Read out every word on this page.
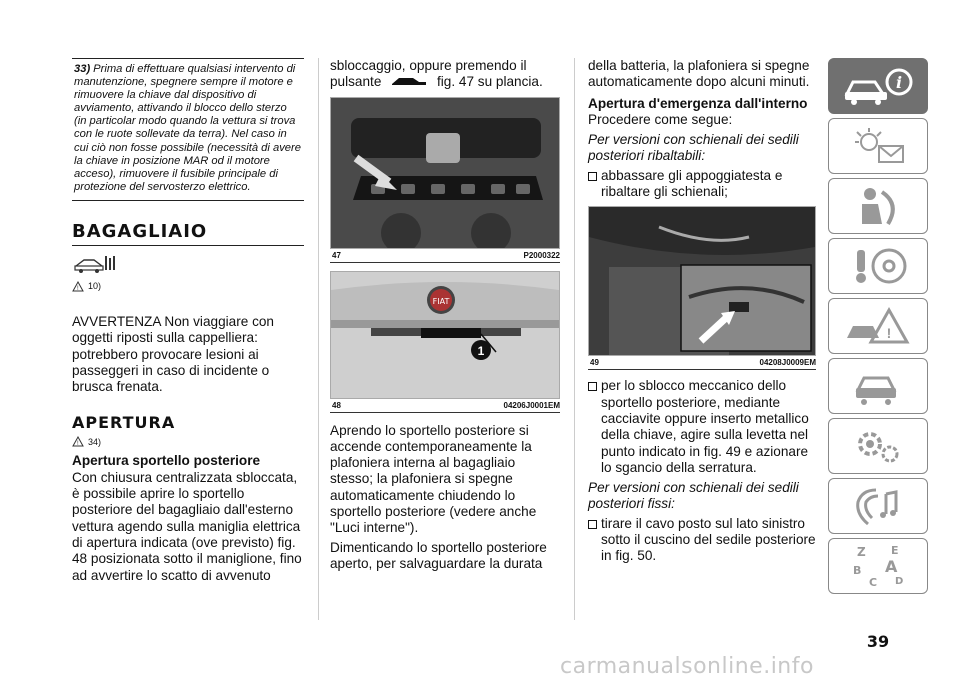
33) Prima di effettuare qualsiasi intervento di manutenzione, spegnere sempre il motore e rimuovere la chiave dal dispositivo di avviamento, attivando il blocco dello sterzo (in particolar modo quando la vettura si trova con le ruote sollevate da terra). Nel caso in cui ciò non fosse possibile (necessità di avere la chiave in posizione MAR od il motore acceso), rimuovere il fusibile principale di protezione del servosterzo elettrico.
BAGAGLIAIO
! 10)

AVVERTENZA Non viaggiare con oggetti riposti sulla cappelliera: potrebbero provocare lesioni ai passeggeri in caso di incidente o brusca frenata.

APERTURA
! 34)
Apertura sportello posteriore

Con chiusura centralizzata sbloccata, è possibile aprire lo sportello posteriore del bagagliaio dall'esterno vettura agendo sulla maniglia elettrica di apertura indicata (ove previsto) fig. 48 posizionata sotto il maniglione, fino ad avvertire lo scatto di avvenuto

sbloccaggio, oppure premendo il

pulsante	fig. 47 su plancia.

47	P2000322
FIAT
1
48	04206J0001EM

Aprendo lo sportello posteriore si accende contemporaneamente la plafoniera interna al bagagliaio stesso; la plafoniera si spegne automaticamente chiudendo lo sportello posteriore (vedere anche "Luci interne").

Dimenticando lo sportello posteriore aperto, per salvaguardare la durata

della batteria, la plafoniera si spegne automaticamente dopo alcuni minuti.

Apertura d'emergenza dall'interno

Procedere come segue:

Per versioni con schienali dei sedili posteriori ribaltabili:
abbassare gli appoggiatesta e ribaltare gli schienali;
49	04208J0009EM
per lo sblocco meccanico dello sportello posteriore, mediante cacciavite oppure inserto metallico della chiave, agire sulla levetta nel punto indicato in fig. 49 e azionare lo sgancio della serratura.
Per versioni con schienali dei sedili posteriori fissi:
tirare il cavo posto sul lato sinistro sotto il cuscino del sedile posteriore in fig. 50.
i
!
Z E
B A
C D
39
carmanualsonline.info
